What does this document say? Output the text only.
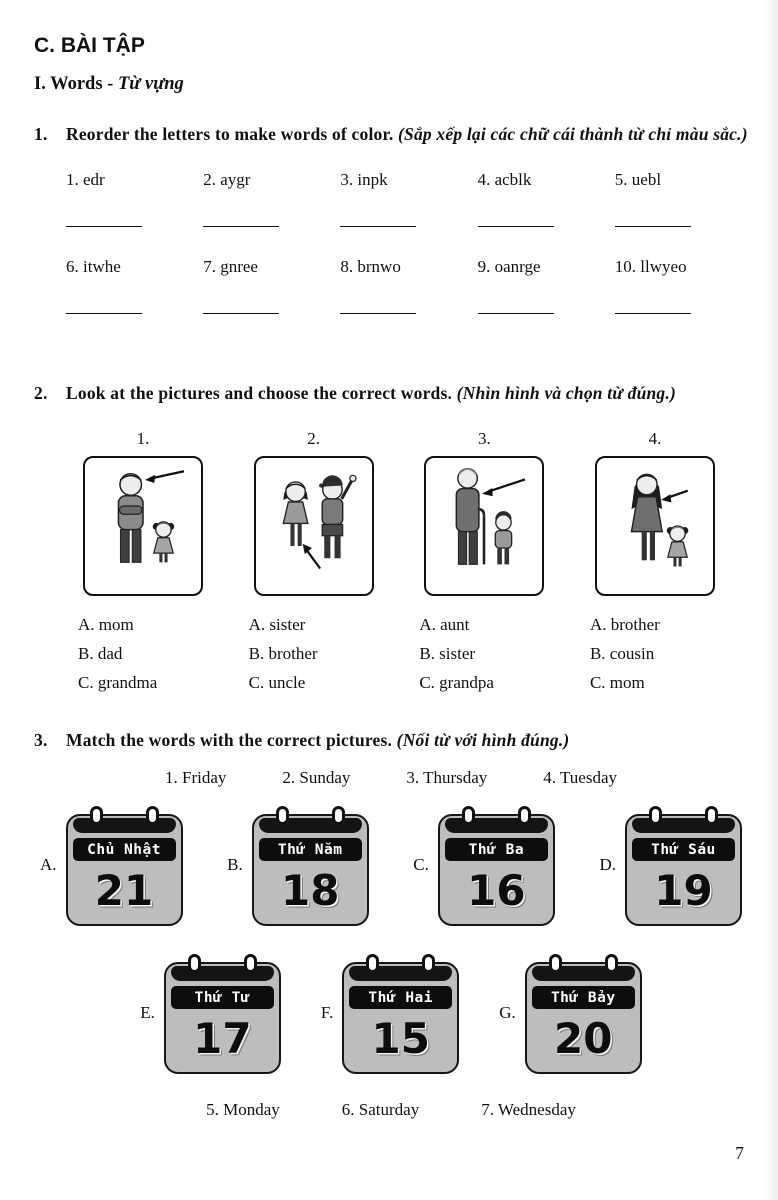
C. BÀI TẬP
I. Words - Từ vựng
1.	Reorder the letters to make words of color. (Sắp xếp lại các chữ cái thành từ chỉ màu sắc.)
1. edr	2. aygr	3. inpk	4. acblk	5. uebl
6. itwhe	7. gnree	8. brnwo	9. oanrge	10. llwyeo
2.	Look at the pictures and choose the correct words. (Nhìn hình và chọn từ đúng.)
1.
A. mom
B. dad
C. grandma
2.
A. sister
B. brother
C. uncle
3.
A. aunt
B. sister
C. grandpa
4.
A. brother
B. cousin
C. mom
3.	Match the words with the correct pictures. (Nối từ với hình đúng.)
1. Friday	2. Sunday	3. Thursday	4. Tuesday
A.
Chủ Nhật
21
B.
Thứ Năm
18
C.
Thứ Ba
16
D.
Thứ Sáu
19
E.
Thứ Tư
17
F.
Thứ Hai
15
G.
Thứ Bảy
20
5. Monday	6. Saturday	7. Wednesday
7
